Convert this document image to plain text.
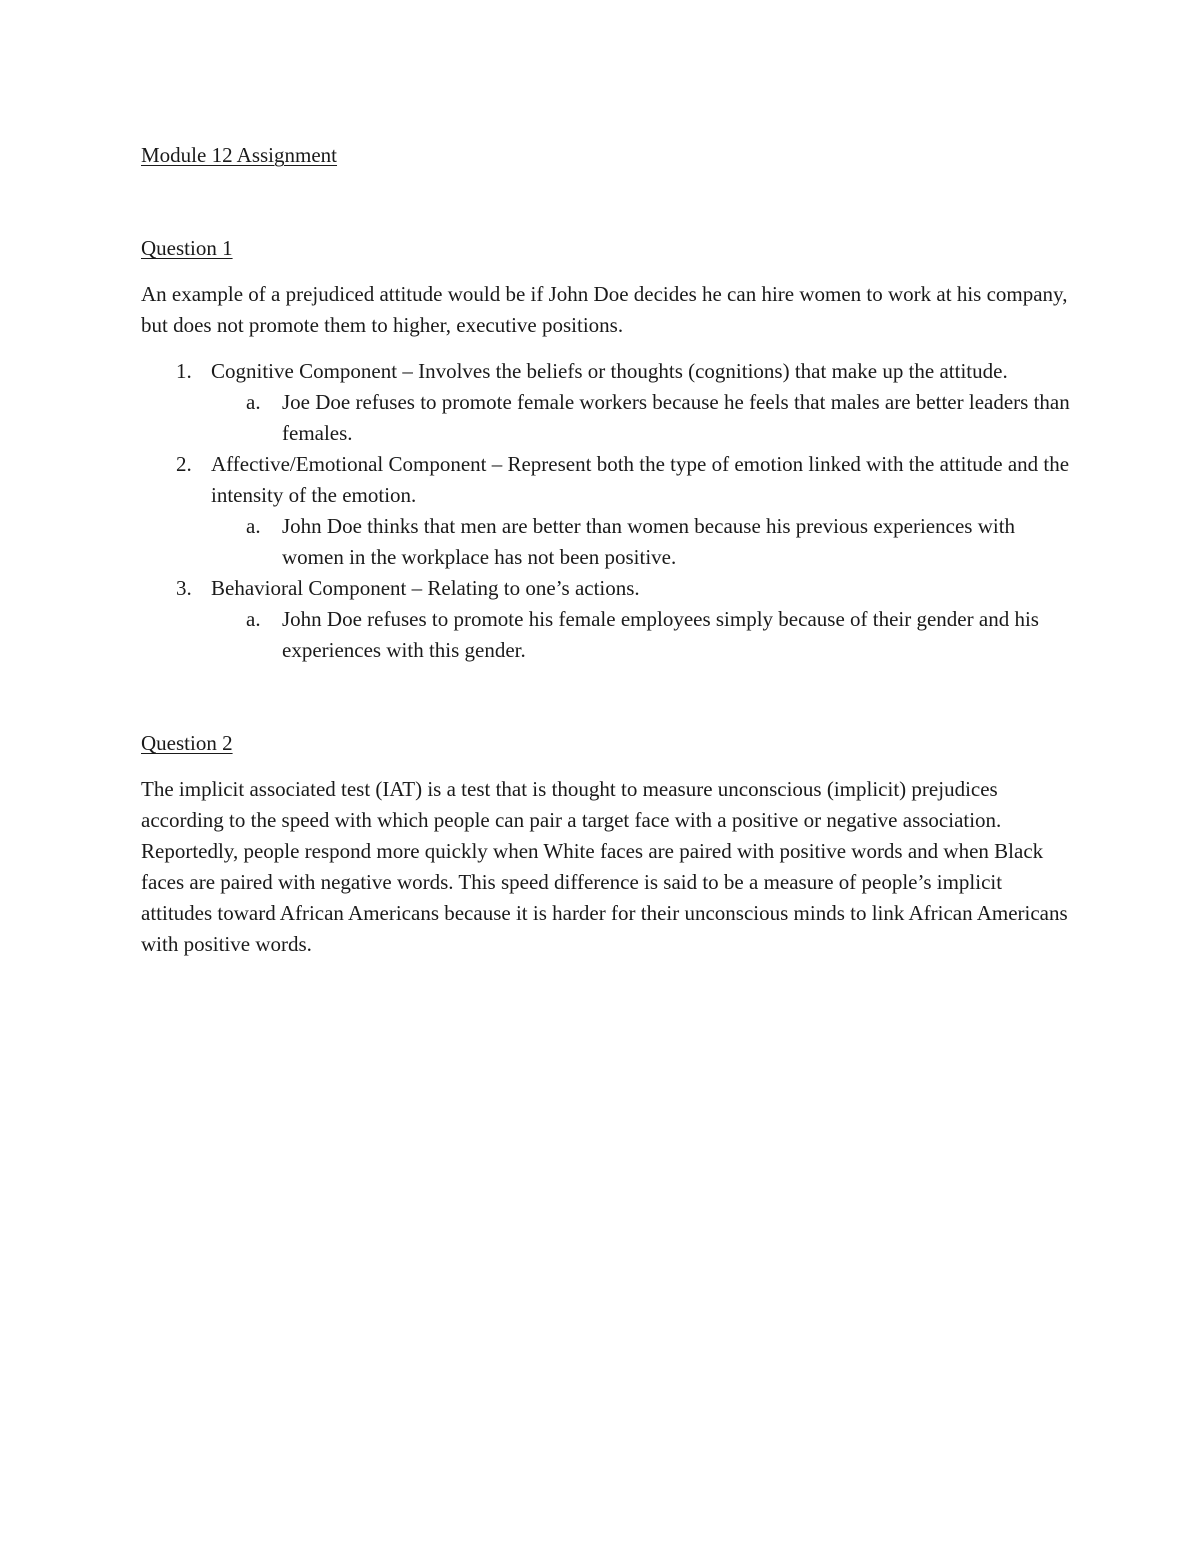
Module 12 Assignment
Question 1

An example of a prejudiced attitude would be if John Doe decides he can hire women to work at his company, but does not promote them to higher, executive positions.

1. Cognitive Component – Involves the beliefs or thoughts (cognitions) that make up the attitude.
a. Joe Doe refuses to promote female workers because he feels that males are better leaders than females.
2. Affective/Emotional Component – Represent both the type of emotion linked with the attitude and the intensity of the emotion.
a. John Doe thinks that men are better than women because his previous experiences with women in the workplace has not been positive.
3. Behavioral Component – Relating to one’s actions.
a. John Doe refuses to promote his female employees simply because of their gender and his experiences with this gender.
Question 2

The implicit associated test (IAT) is a test that is thought to measure unconscious (implicit) prejudices according to the speed with which people can pair a target face with a positive or negative association. Reportedly, people respond more quickly when White faces are paired with positive words and when Black faces are paired with negative words. This speed difference is said to be a measure of people’s implicit attitudes toward African Americans because it is harder for their unconscious minds to link African Americans with positive words.
